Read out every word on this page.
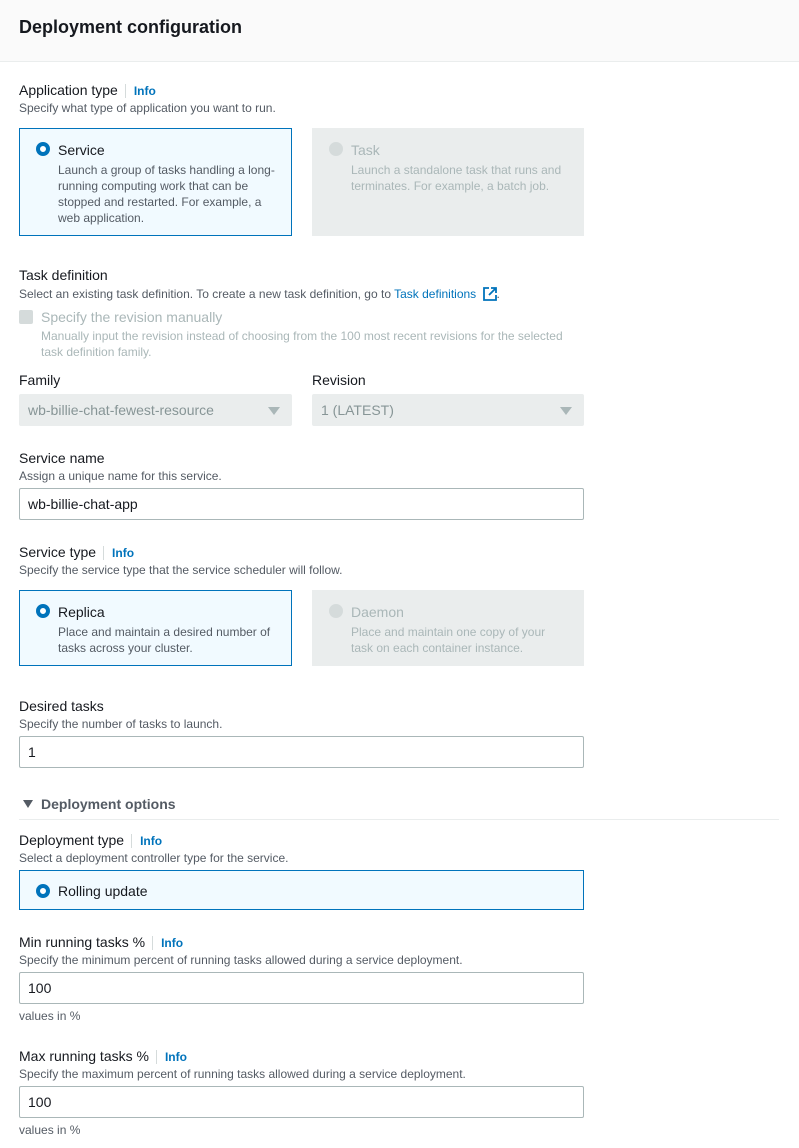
Deployment configuration
Application type Info
Specify what type of application you want to run.
Service
Launch a group of tasks handling a long-running computing work that can be stopped and restarted. For example, a web application.
Task
Launch a standalone task that runs and terminates. For example, a batch job.
Task definition
Select an existing task definition. To create a new task definition, go to Task definitions .
Specify the revision manually
Manually input the revision instead of choosing from the 100 most recent revisions for the selected task definition family.
Family
wb-billie-chat-fewest-resource
Revision
1 (LATEST)
Service name
Assign a unique name for this service.
wb-billie-chat-app
Service type Info
Specify the service type that the service scheduler will follow.
Replica
Place and maintain a desired number of tasks across your cluster.
Daemon
Place and maintain one copy of your task on each container instance.
Desired tasks
Specify the number of tasks to launch.
1
Deployment options
Deployment type Info
Select a deployment controller type for the service.
Rolling update
Min running tasks % Info
Specify the minimum percent of running tasks allowed during a service deployment.
100
values in %
Max running tasks % Info
Specify the maximum percent of running tasks allowed during a service deployment.
100
values in %
